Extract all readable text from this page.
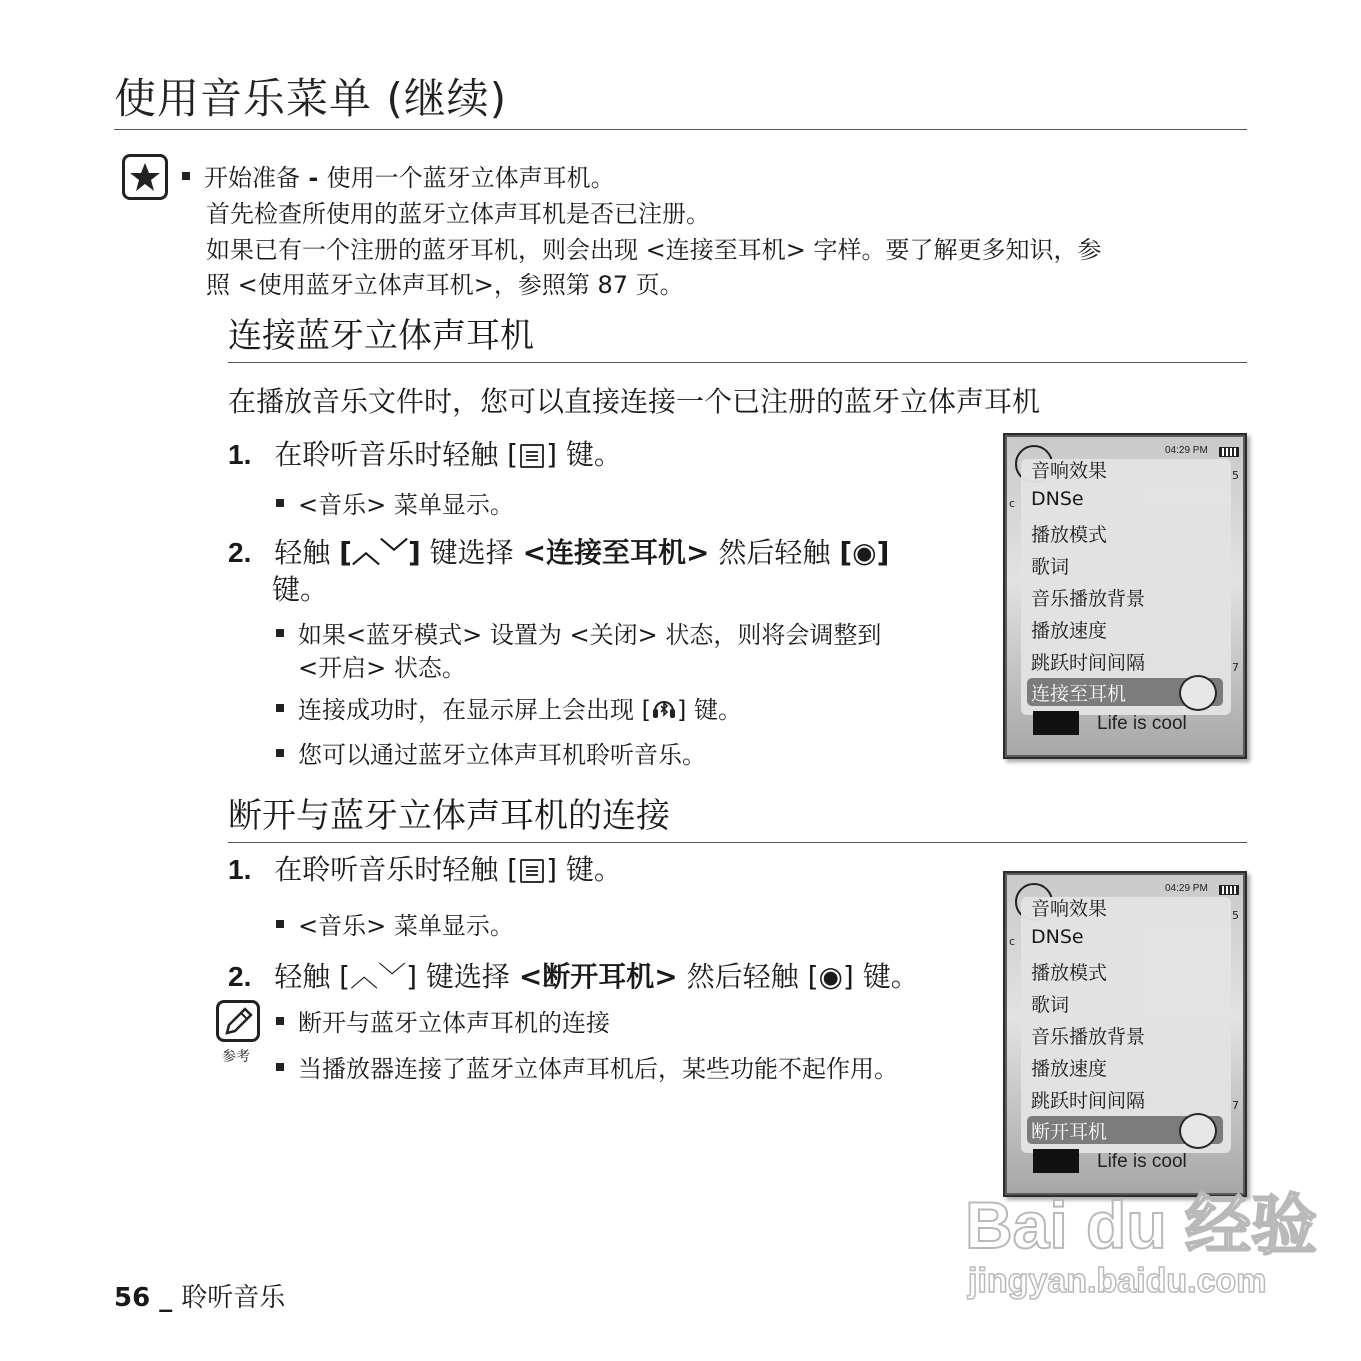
使用音乐菜单 (继续)
开始准备 - 使用一个蓝牙立体声耳机。
首先检查所使用的蓝牙立体声耳机是否已注册。
如果已有一个注册的蓝牙耳机，则会出现 <连接至耳机> 字样。要了解更多知识，参
照 <使用蓝牙立体声耳机>，参照第 87 页。
连接蓝牙立体声耳机
在播放音乐文件时，您可以直接连接一个已注册的蓝牙立体声耳机
1. 在聆听音乐时轻触 [ ] 键。
<音乐> 菜单显示。
2. 轻触 [︿﹀] 键选择 <连接至耳机> 然后轻触 [◉]
键。
如果<蓝牙模式> 设置为 <关闭> 状态，则将会调整到
<开启> 状态。
连接成功时，在显示屏上会出现 [ ] 键。
您可以通过蓝牙立体声耳机聆听音乐。
04:29 PM
c
5
7
音响效果
DNSe
播放模式
歌词
音乐播放背景
播放速度
跳跃时间间隔
连接至耳机
Life is cool
断开与蓝牙立体声耳机的连接
1. 在聆听音乐时轻触 [ ] 键。
<音乐> 菜单显示。
2. 轻触 [︿﹀] 键选择 <断开耳机> 然后轻触 [◉] 键。
参考
断开与蓝牙立体声耳机的连接
当播放器连接了蓝牙立体声耳机后，某些功能不起作用。
04:29 PM
c
5
7
音响效果
DNSe
播放模式
歌词
音乐播放背景
播放速度
跳跃时间间隔
断开耳机
Life is cool
56 _ 聆听音乐
Bai du 经验
jingyan.baidu.com
